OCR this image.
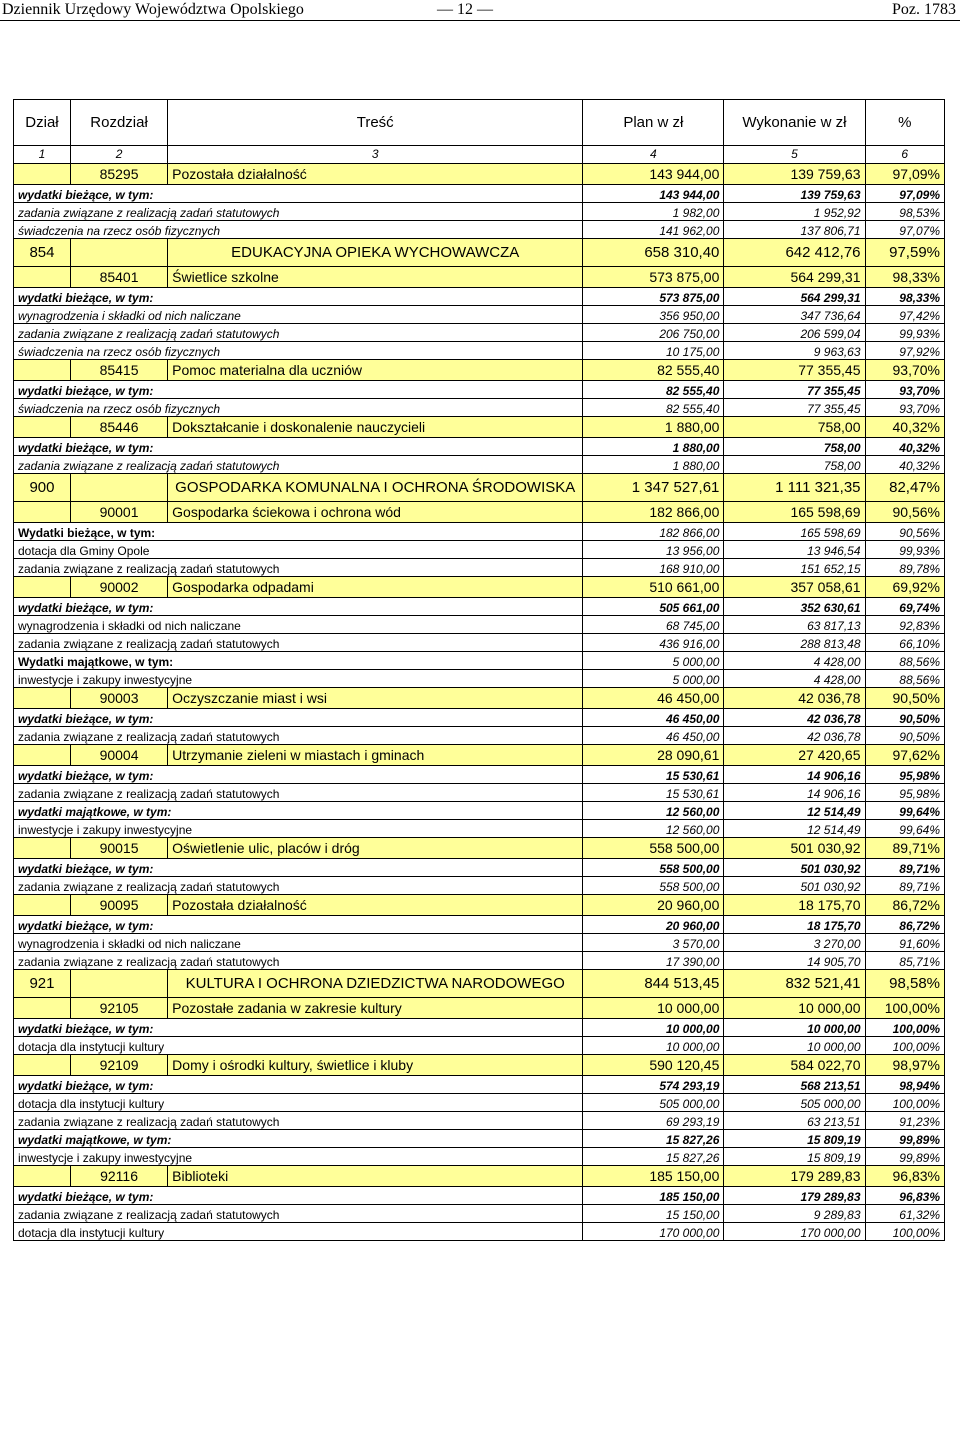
Dziennik Urzędowy Województwa Opolskiego	— 12 —	Poz. 1783
Dział	Rozdział	Treść	Plan w zł	Wykonanie w zł	%
1	2	3	4	5	6
	85295	Pozostała działalność	143 944,00	139 759,63	97,09%
wydatki bieżące, w tym:			143 944,00	139 759,63	97,09%
zadania związane z realizacją zadań statutowych			1 982,00	1 952,92	98,53%
świadczenia na rzecz osób fizycznych			141 962,00	137 806,71	97,07%
854		EDUKACYJNA OPIEKA WYCHOWAWCZA	658 310,40	642 412,76	97,59%
	85401	Świetlice szkolne	573 875,00	564 299,31	98,33%
wydatki bieżące, w tym:			573 875,00	564 299,31	98,33%
wynagrodzenia i składki od nich naliczane			356 950,00	347 736,64	97,42%
zadania związane z realizacją zadań statutowych			206 750,00	206 599,04	99,93%
świadczenia na rzecz osób fizycznych			10 175,00	9 963,63	97,92%
	85415	Pomoc materialna dla uczniów	82 555,40	77 355,45	93,70%
wydatki bieżące, w tym:			82 555,40	77 355,45	93,70%
świadczenia na rzecz osób fizycznych			82 555,40	77 355,45	93,70%
	85446	Dokształcanie i doskonalenie nauczycieli	1 880,00	758,00	40,32%
wydatki bieżące, w tym:			1 880,00	758,00	40,32%
zadania związane z realizacją zadań statutowych			1 880,00	758,00	40,32%
900		GOSPODARKA KOMUNALNA I OCHRONA ŚRODOWISKA	1 347 527,61	1 111 321,35	82,47%
	90001	Gospodarka ściekowa i ochrona wód	182 866,00	165 598,69	90,56%
Wydatki bieżące, w tym:			182 866,00	165 598,69	90,56%
dotacja dla Gminy Opole			13 956,00	13 946,54	99,93%
zadania związane z realizacją zadań statutowych			168 910,00	151 652,15	89,78%
	90002	Gospodarka odpadami	510 661,00	357 058,61	69,92%
wydatki bieżące, w tym:			505 661,00	352 630,61	69,74%
wynagrodzenia i składki od nich naliczane			68 745,00	63 817,13	92,83%
zadania związane z realizacją zadań statutowych			436 916,00	288 813,48	66,10%
Wydatki majątkowe, w tym:			5 000,00	4 428,00	88,56%
inwestycje i zakupy inwestycyjne			5 000,00	4 428,00	88,56%
	90003	Oczyszczanie miast i wsi	46 450,00	42 036,78	90,50%
wydatki bieżące, w tym:			46 450,00	42 036,78	90,50%
zadania związane z realizacją zadań statutowych			46 450,00	42 036,78	90,50%
	90004	Utrzymanie zieleni w miastach i gminach	28 090,61	27 420,65	97,62%
wydatki bieżące, w tym:			15 530,61	14 906,16	95,98%
zadania związane z realizacją zadań statutowych			15 530,61	14 906,16	95,98%
wydatki majątkowe, w tym:			12 560,00	12 514,49	99,64%
inwestycje i zakupy inwestycyjne			12 560,00	12 514,49	99,64%
	90015	Oświetlenie ulic, placów i dróg	558 500,00	501 030,92	89,71%
wydatki bieżące, w tym:			558 500,00	501 030,92	89,71%
zadania związane z realizacją zadań statutowych			558 500,00	501 030,92	89,71%
	90095	Pozostała działalność	20 960,00	18 175,70	86,72%
wydatki bieżące, w tym:			20 960,00	18 175,70	86,72%
wynagrodzenia i składki od nich naliczane			3 570,00	3 270,00	91,60%
zadania związane z realizacją zadań statutowych			17 390,00	14 905,70	85,71%
921		KULTURA I OCHRONA DZIEDZICTWA NARODOWEGO	844 513,45	832 521,41	98,58%
	92105	Pozostałe zadania w zakresie kultury	10 000,00	10 000,00	100,00%
wydatki bieżące, w tym:			10 000,00	10 000,00	100,00%
dotacja dla instytucji kultury			10 000,00	10 000,00	100,00%
	92109	Domy i ośrodki kultury, świetlice i kluby	590 120,45	584 022,70	98,97%
wydatki bieżące, w tym:			574 293,19	568 213,51	98,94%
dotacja dla instytucji kultury			505 000,00	505 000,00	100,00%
zadania związane z realizacją zadań statutowych			69 293,19	63 213,51	91,23%
wydatki majątkowe, w tym:			15 827,26	15 809,19	99,89%
inwestycje i zakupy inwestycyjne			15 827,26	15 809,19	99,89%
	92116	Biblioteki	185 150,00	179 289,83	96,83%
wydatki bieżące, w tym:			185 150,00	179 289,83	96,83%
zadania związane z realizacją zadań statutowych			15 150,00	9 289,83	61,32%
dotacja dla instytucji kultury			170 000,00	170 000,00	100,00%
